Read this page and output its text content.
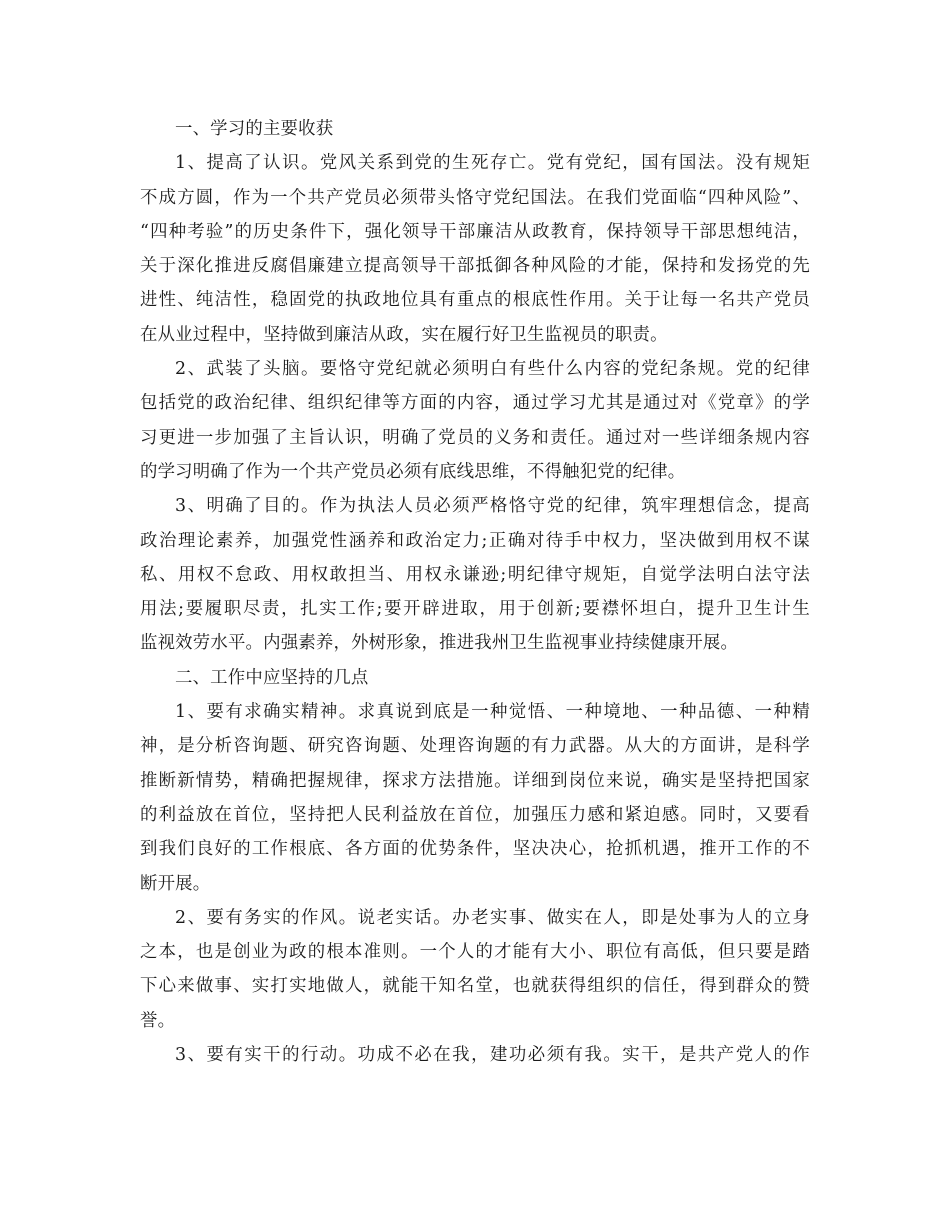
一、学习的主要收获
1、提高了认识。党风关系到党的生死存亡。党有党纪，国有国法。没有规矩
不成方圆，作为一个共产党员必须带头恪守党纪国法。在我们党面临“四种风险”、
“四种考验”的历史条件下，强化领导干部廉洁从政教育，保持领导干部思想纯洁，
关于深化推进反腐倡廉建立提高领导干部抵御各种风险的才能，保持和发扬党的先
进性、纯洁性，稳固党的执政地位具有重点的根底性作用。关于让每一名共产党员
在从业过程中，坚持做到廉洁从政，实在履行好卫生监视员的职责。
2、武装了头脑。要恪守党纪就必须明白有些什么内容的党纪条规。党的纪律
包括党的政治纪律、组织纪律等方面的内容，通过学习尤其是通过对《党章》的学
习更进一步加强了主旨认识，明确了党员的义务和责任。通过对一些详细条规内容
的学习明确了作为一个共产党员必须有底线思维，不得触犯党的纪律。
3、明确了目的。作为执法人员必须严格恪守党的纪律，筑牢理想信念，提高
政治理论素养，加强党性涵养和政治定力;正确对待手中权力，坚决做到用权不谋
私、用权不怠政、用权敢担当、用权永谦逊;明纪律守规矩，自觉学法明白法守法
用法;要履职尽责，扎实工作;要开辟进取，用于创新;要襟怀坦白，提升卫生计生
监视效劳水平。内强素养，外树形象，推进我州卫生监视事业持续健康开展。
二、工作中应坚持的几点
1、要有求确实精神。求真说到底是一种觉悟、一种境地、一种品德、一种精
神，是分析咨询题、研究咨询题、处理咨询题的有力武器。从大的方面讲，是科学
推断新情势，精确把握规律，探求方法措施。详细到岗位来说，确实是坚持把国家
的利益放在首位，坚持把人民利益放在首位，加强压力感和紧迫感。同时，又要看
到我们良好的工作根底、各方面的优势条件，坚决决心，抢抓机遇，推开工作的不
断开展。
2、要有务实的作风。说老实话。办老实事、做实在人，即是处事为人的立身
之本，也是创业为政的根本准则。一个人的才能有大小、职位有高低，但只要是踏
下心来做事、实打实地做人，就能干知名堂，也就获得组织的信任，得到群众的赞
誉。
3、要有实干的行动。功成不必在我，建功必须有我。实干，是共产党人的作
